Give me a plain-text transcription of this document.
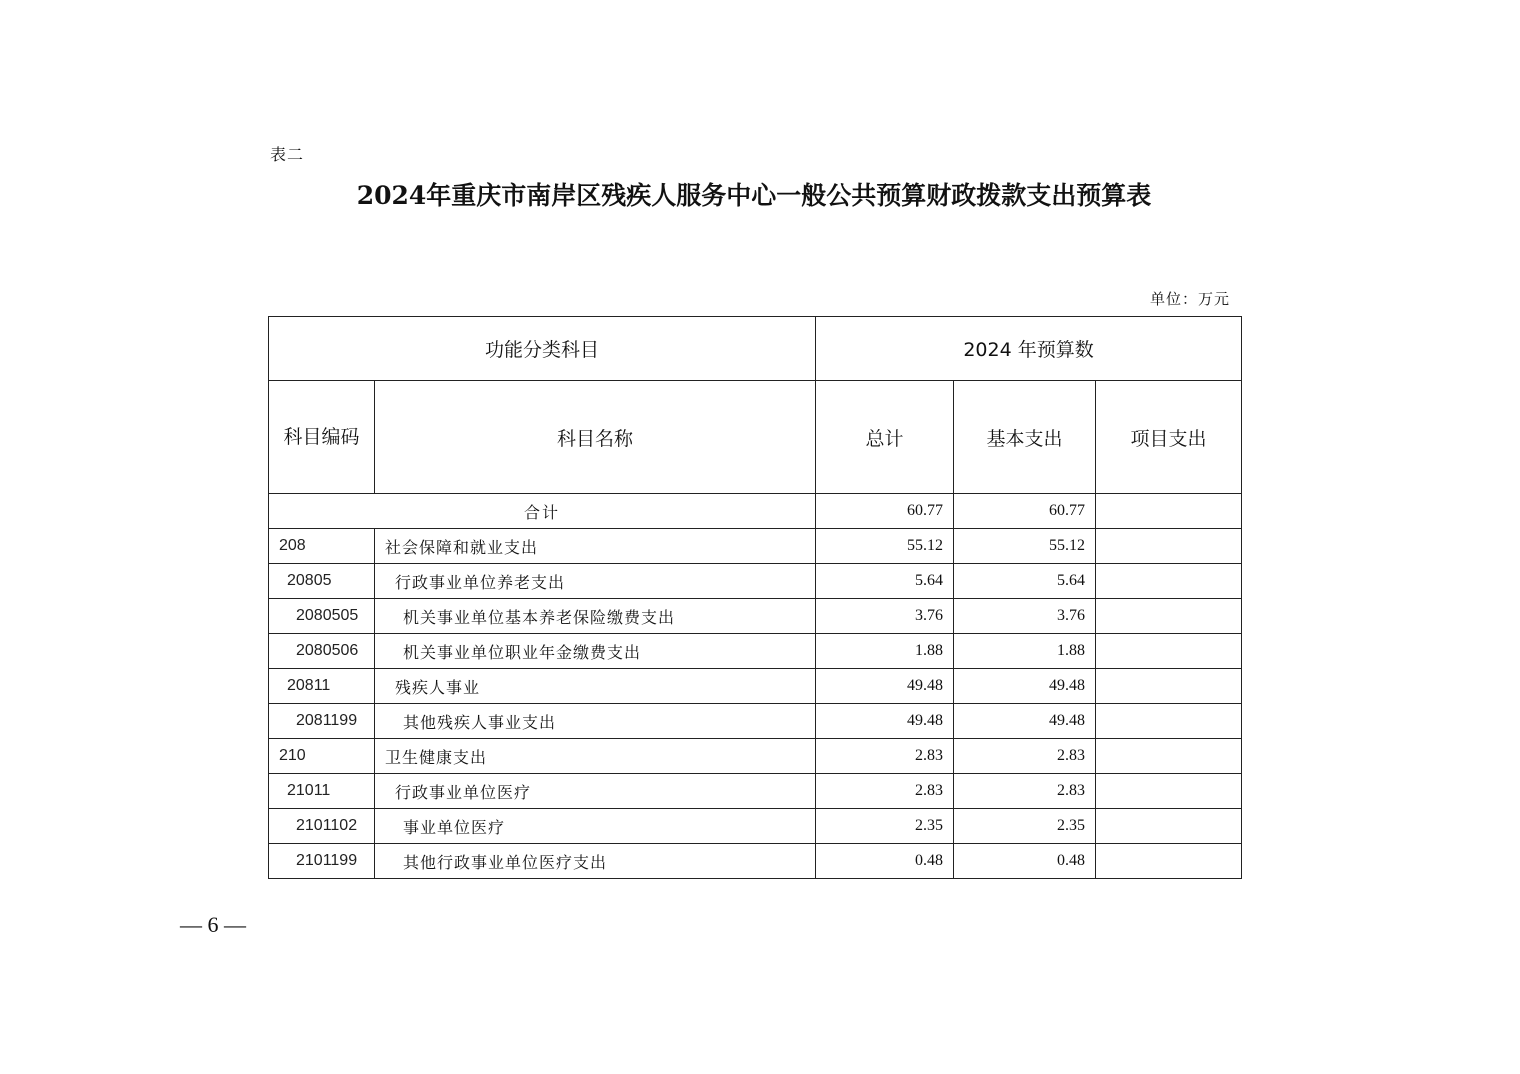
表二
2024年重庆市南岸区残疾人服务中心一般公共预算财政拨款支出预算表
单位：万元
功能分类科目		2024 年预算数		
科目编码	科目名称	总计	基本支出	项目支出
合计		60.77	60.77	
208	社会保障和就业支出	55.12	55.12	
20805	行政事业单位养老支出	5.64	5.64	
2080505	机关事业单位基本养老保险缴费支出	3.76	3.76	
2080506	机关事业单位职业年金缴费支出	1.88	1.88	
20811	残疾人事业	49.48	49.48	
2081199	其他残疾人事业支出	49.48	49.48	
210	卫生健康支出	2.83	2.83	
21011	行政事业单位医疗	2.83	2.83	
2101102	事业单位医疗	2.35	2.35	
2101199	其他行政事业单位医疗支出	0.48	0.48	
— 6 —
